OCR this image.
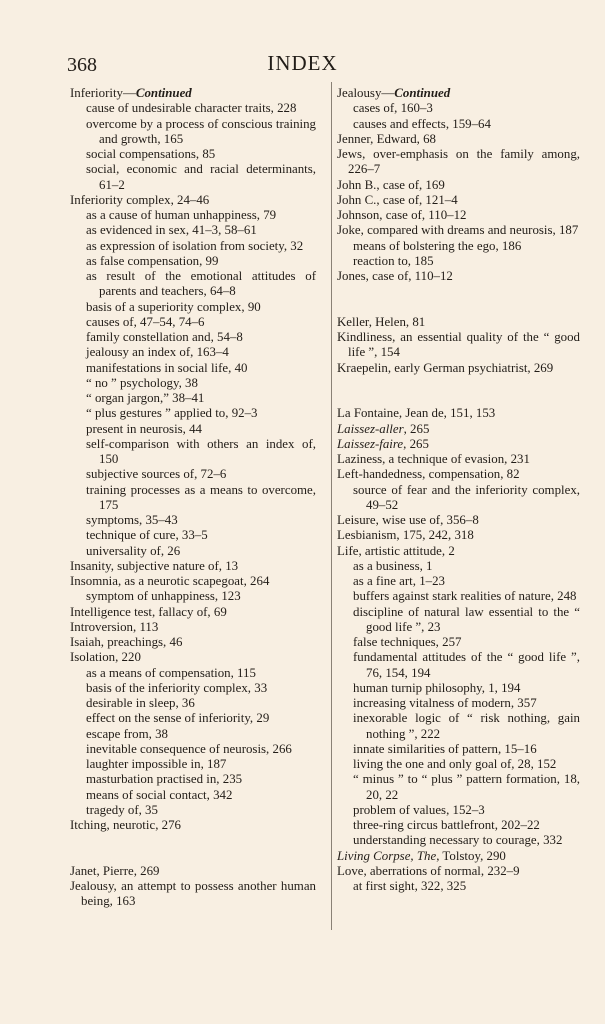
368	INDEX
Inferiority—Continued
cause of undesirable character traits, 228
overcome by a process of conscious training and growth, 165
social compensations, 85
social, economic and racial determinants, 61–2
Inferiority complex, 24–46
as a cause of human unhappiness, 79
as evidenced in sex, 41–3, 58–61
as expression of isolation from society, 32
as false compensation, 99
as result of the emotional attitudes of parents and teachers, 64–8
basis of a superiority complex, 90
causes of, 47–54, 74–6
family constellation and, 54–8
jealousy an index of, 163–4
manifestations in social life, 40
“ no ” psychology, 38
“ organ jargon,” 38–41
“ plus gestures ” applied to, 92–3
present in neurosis, 44
self-comparison with others an index of, 150
subjective sources of, 72–6
training processes as a means to overcome, 175
symptoms, 35–43
technique of cure, 33–5
universality of, 26
Insanity, subjective nature of, 13
Insomnia, as a neurotic scapegoat, 264
symptom of unhappiness, 123
Intelligence test, fallacy of, 69
Introversion, 113
Isaiah, preachings, 46
Isolation, 220
as a means of compensation, 115
basis of the inferiority complex, 33
desirable in sleep, 36
effect on the sense of inferiority, 29
escape from, 38
inevitable consequence of neurosis, 266
laughter impossible in, 187
masturbation practised in, 235
means of social contact, 342
tragedy of, 35
Itching, neurotic, 276
Janet, Pierre, 269
Jealousy, an attempt to possess another human being, 163
Jealousy—Continued
cases of, 160–3
causes and effects, 159–64
Jenner, Edward, 68
Jews, over-emphasis on the family among, 226–7
John B., case of, 169
John C., case of, 121–4
Johnson, case of, 110–12
Joke, compared with dreams and neurosis, 187
means of bolstering the ego, 186
reaction to, 185
Jones, case of, 110–12
Keller, Helen, 81
Kindliness, an essential quality of the “ good life ”, 154
Kraepelin, early German psychiatrist, 269
La Fontaine, Jean de, 151, 153
Laissez-aller, 265
Laissez-faire, 265
Laziness, a technique of evasion, 231
Left-handedness, compensation, 82
source of fear and the inferiority complex, 49–52
Leisure, wise use of, 356–8
Lesbianism, 175, 242, 318
Life, artistic attitude, 2
as a business, 1
as a fine art, 1–23
buffers against stark realities of nature, 248
discipline of natural law essential to the “ good life ”, 23
false techniques, 257
fundamental attitudes of the “ good life ”, 76, 154, 194
human turnip philosophy, 1, 194
increasing vitalness of modern, 357
inexorable logic of “ risk nothing, gain nothing ”, 222
innate similarities of pattern, 15–16
living the one and only goal of, 28, 152
“ minus ” to “ plus ” pattern formation, 18, 20, 22
problem of values, 152–3
three-ring circus battlefront, 202–22
understanding necessary to courage, 332
Living Corpse, The, Tolstoy, 290
Love, aberrations of normal, 232–9
at first sight, 322, 325
